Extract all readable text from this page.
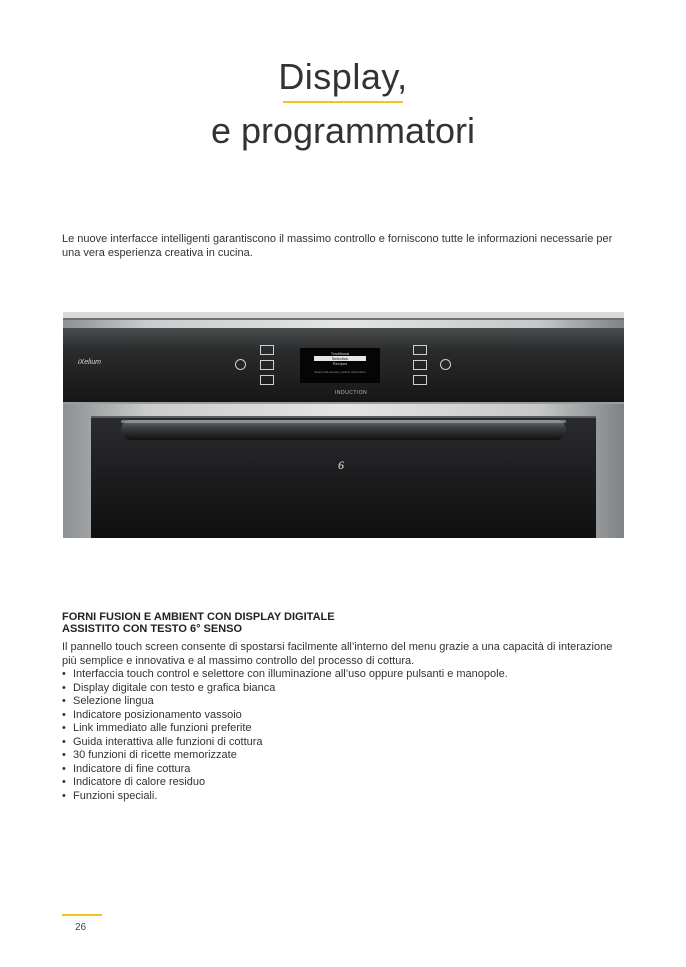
Display,
e programmatori

Le nuove interfacce intelligenti garantiscono il massimo controllo e forniscono tutte le informazioni necessarie per una vera esperienza creativa in cucina.

iXelium
Traditional
Selection
Recipes
Select with arrows, confirm with button
INDUCTION
6
FORNI FUSION E AMBIENT CON DISPLAY DIGITALE
ASSISTITO CON TESTO 6° SENSO
Il pannello touch screen consente di spostarsi facilmente all’interno del menu grazie a una capacità di interazione più semplice e innovativa e al massimo controllo del processo di cottura.
• Interfaccia touch control e selettore con illuminazione all’uso oppure pulsanti e manopole.
• Display digitale con testo e grafica bianca
• Selezione lingua
• Indicatore posizionamento vassoio
• Link immediato alle funzioni preferite
• Guida interattiva alle funzioni di cottura
• 30 funzioni di ricette memorizzate
• Indicatore di fine cottura
• Indicatore di calore residuo
• Funzioni speciali.
26
